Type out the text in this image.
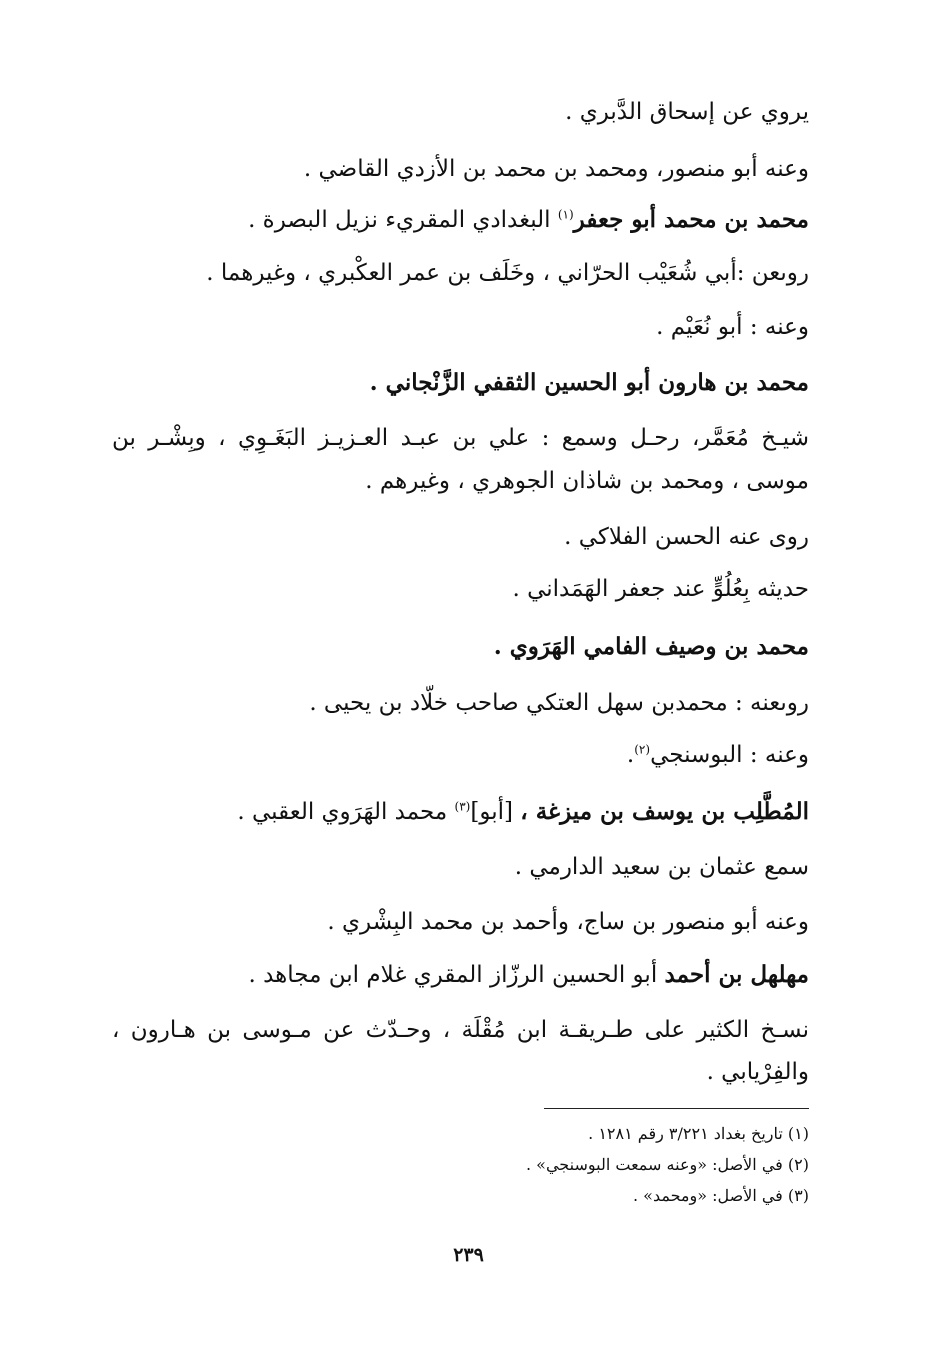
يروي عن إسحاق الدَّبري .
وعنه أبو منصور، ومحمد بن محمد بن الأزدي القاضي .
محمد بن محمد أبو جعفر$^{(١)}$ البغدادي المقريء نزيل البصرة .
روىعن :أبي شُعَيْب الحرّاني ، وخَلَف بن عمر العكْبري ، وغيرهما .
وعنه : أبو نُعَيْم .
محمد بن هارون أبو الحسين الثقفي الزَّنْجاني .
شيـخ مُعَمَّر، رحـل وسمع : علي بن عبـد العـزيـز البَغَـوِي ، وبِشْـر بن
موسى ، ومحمد بن شاذان الجوهري ، وغيرهم .
روى عنه الحسن الفلاكي .
حديثه بِعُلُوٍّ عند جعفر الهَمَداني .
محمد بن وصيف الفامي الهَرَوي .
روىعنه : محمدبن سهل العتكي صاحب خلّاد بن يحيى .
وعنه : البوسنجي$^{(٢)}$.
المُطَّلِب بن يوسف بن ميزغة ، [أبو]$^{(٣)}$ محمد الهَرَوي العقبي .
سمع عثمان بن سعيد الدارمي .
وعنه أبو منصور بن ساج، وأحمد بن محمد البِشْري .
مهلهل بن أحمد أبو الحسين الرزّاز المقري غلام ابن مجاهد .
نسـخ الكثير على طـريقـة ابن مُقْلَة ، وحـدّث عن مـوسى بن هـارون ،
والفِرْيابي .
(١) تاريخ بغداد ٣/٢٢١ رقم ١٢٨١ .
(٢) في الأصل: «وعنه سمعت البوسنجي» .
(٣) في الأصل: «ومحمد» .
٢٣٩
